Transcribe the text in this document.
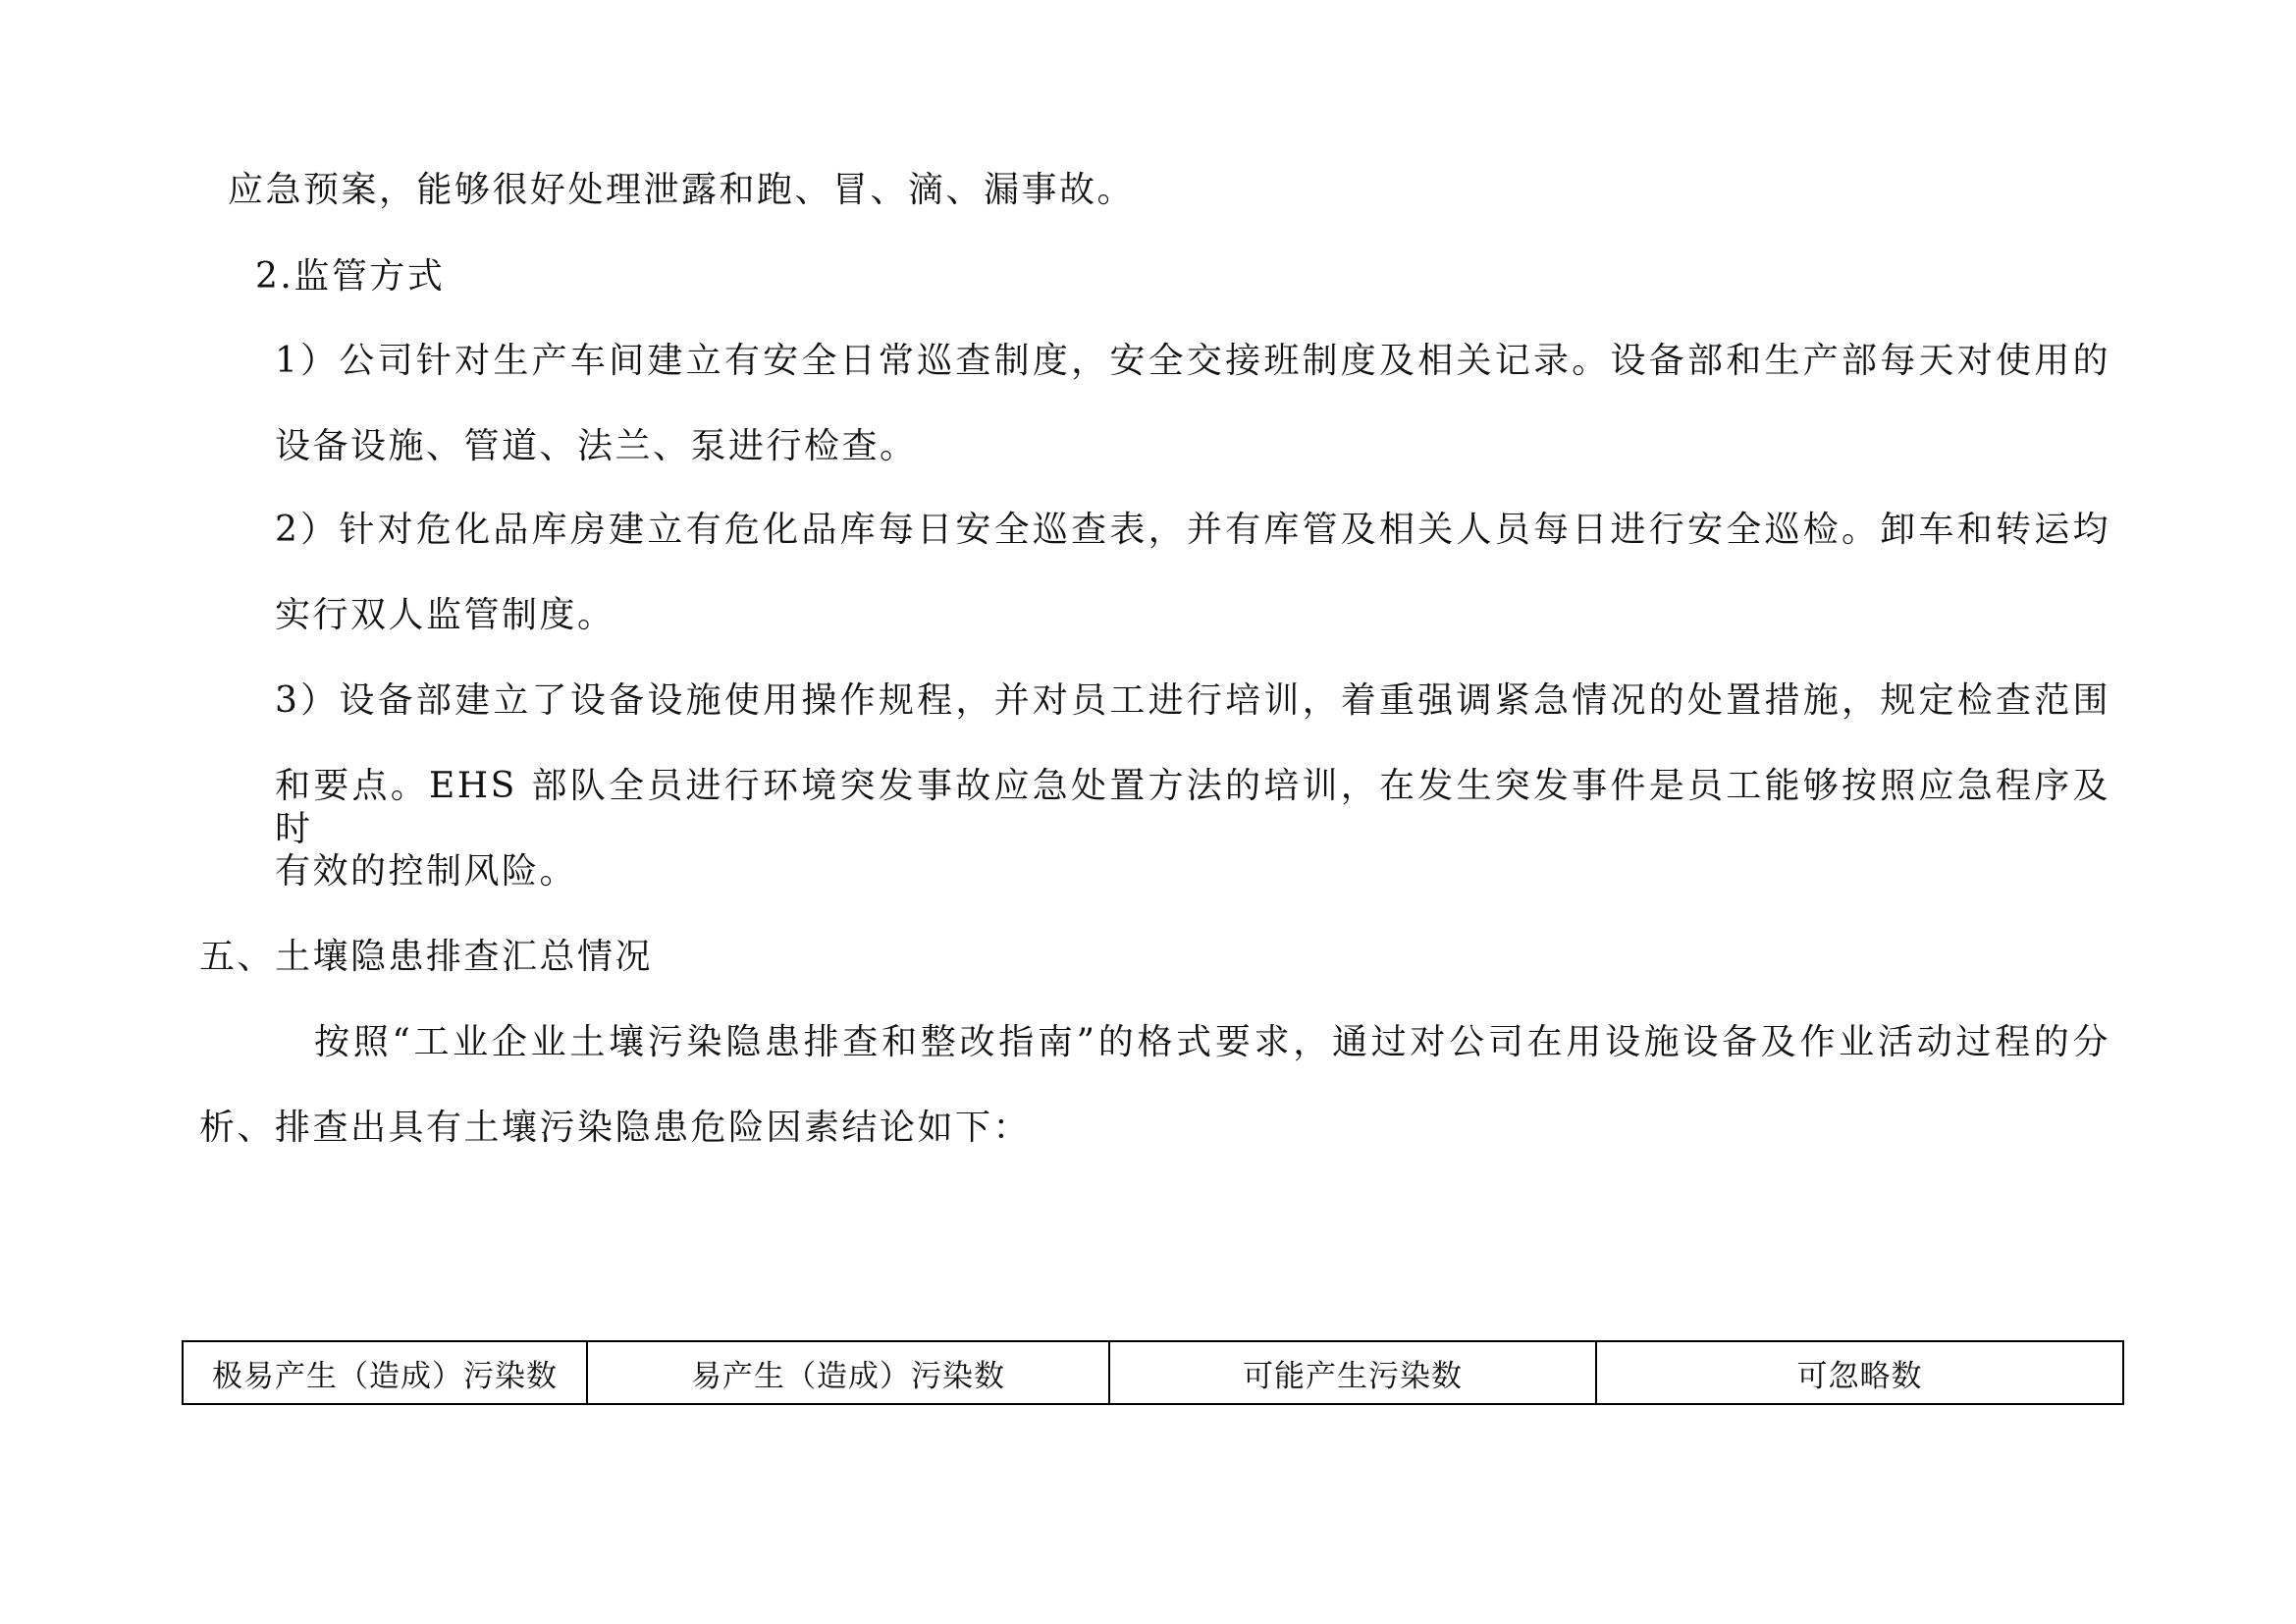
应急预案，能够很好处理泄露和跑、冒、滴、漏事故。
2.监管方式
1）公司针对生产车间建立有安全日常巡查制度，安全交接班制度及相关记录。设备部和生产部每天对使用的
设备设施、管道、法兰、泵进行检查。
2）针对危化品库房建立有危化品库每日安全巡查表，并有库管及相关人员每日进行安全巡检。卸车和转运均
实行双人监管制度。
3）设备部建立了设备设施使用操作规程，并对员工进行培训，着重强调紧急情况的处置措施，规定检查范围
和要点。EHS 部队全员进行环境突发事故应急处置方法的培训，在发生突发事件是员工能够按照应急程序及时
有效的控制风险。
五、土壤隐患排查汇总情况
按照“工业企业土壤污染隐患排查和整改指南”的格式要求，通过对公司在用设施设备及作业活动过程的分
析、排查出具有土壤污染隐患危险因素结论如下：
极易产生（造成）污染数	易产生（造成）污染数	可能产生污染数	可忽略数
